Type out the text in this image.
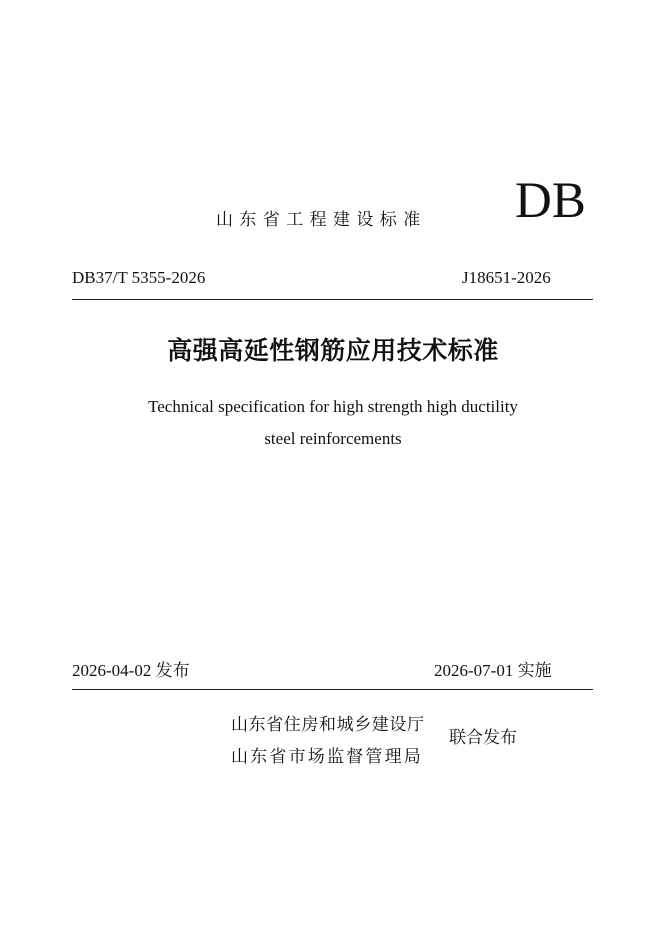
山东省工程建设标准 DB
DB37/T 5355-2026	J18651-2026
高强高延性钢筋应用技术标准
Technical specification for high strength high ductility
steel reinforcements
2026-04-02 发布	2026-07-01 实施
山东省住房和城乡建设厅
山东省市场监督管理局
联合发布
